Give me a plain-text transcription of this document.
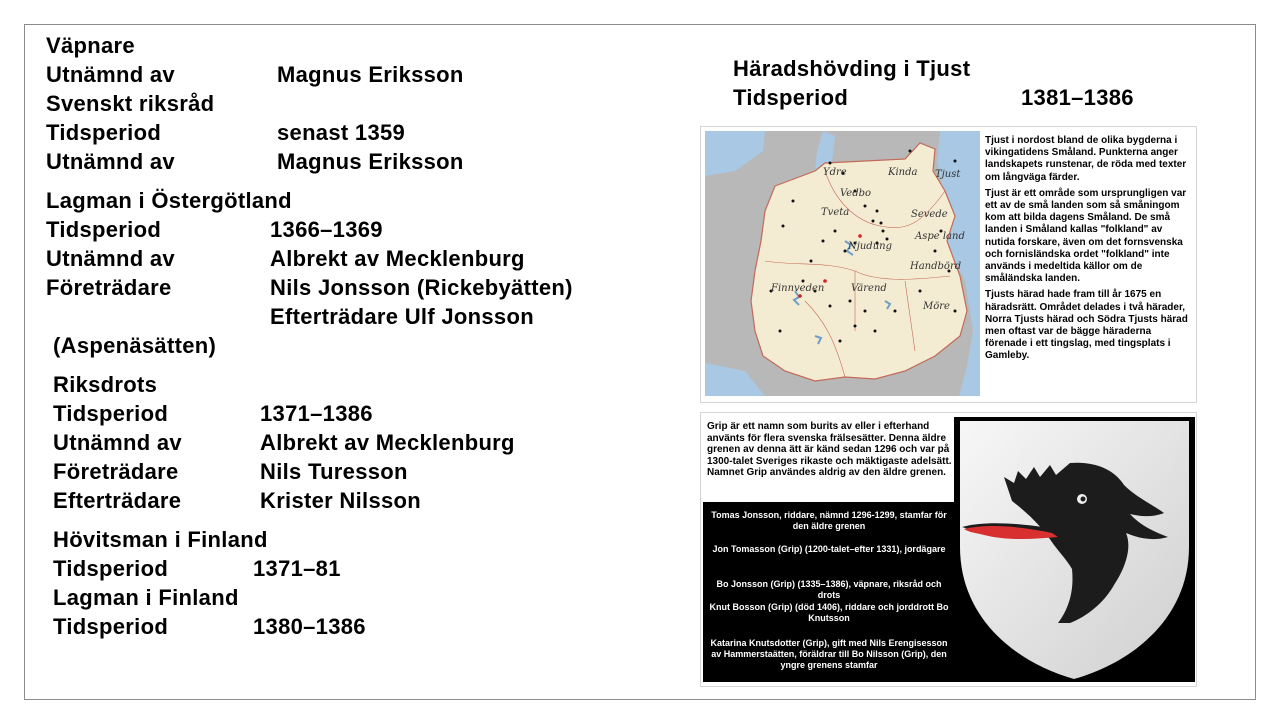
Väpnare
Utnämnd av	Magnus Eriksson
Svenskt riksråd
Tidsperiod	senast 1359
Utnämnd av	Magnus Eriksson
Lagman i Östergötland
Tidsperiod	1366–1369
Utnämnd av	Albrekt av Mecklenburg
Företrädare	Nils Jonsson (Rickebyätten)
Efterträdare Ulf Jonsson
(Aspenäsätten)
Riksdrots
Tidsperiod	1371–1386
Utnämnd av	Albrekt av Mecklenburg
Företrädare	Nils Turesson
Efterträdare	Krister Nilsson
Hövitsman i Finland
Tidsperiod	1371–81
Lagman i Finland
Tidsperiod	1380–1386
Häradshövding i Tjust
Tidsperiod	1381–1386
Ydre	Kinda Tjust
Vedbo
Tveta	Sevede
Aspe land
Njudung
Handbörd
Finnveden	Värend
Möre

Tjust i nordost bland de olika bygderna i vikingatidens Småland. Punkterna anger landskapets runstenar, de röda med texter om långväga färder.

Tjust är ett område som ursprungligen var ett av de små landen som så småningom kom att bilda dagens Småland. De små landen i Småland kallas "folkland" av nutida forskare, även om det fornsvenska och fornisländska ordet "folkland" inte används i medeltida källor om de småländska landen.

Tjusts härad hade fram till år 1675 en häradsrätt. Området delades i två härader, Norra Tjusts härad och Södra Tjusts härad men oftast var de bägge häraderna förenade i ett tingslag, med tingsplats i Gamleby.

Grip är ett namn som burits av eller i efterhand använts för flera svenska frälsesätter. Denna äldre grenen av denna ätt är känd sedan 1296 och var på 1300-talet Sveriges rikaste och mäktigaste adelsätt. Namnet Grip användes aldrig av den äldre grenen.
Tomas Jonsson, riddare, nämnd 1296-1299, stamfar för den äldre grenen
Jon Tomasson (Grip) (1200-talet–efter 1331), jordägare
Bo Jonsson (Grip) (1335–1386), väpnare, riksråd och drots
Knut Bosson (Grip) (död 1406), riddare och jorddrott Bo Knutsson
Katarina Knutsdotter (Grip), gift med Nils Erengisesson av Hammerstaätten, föräldrar till Bo Nilsson (Grip), den yngre grenens stamfar
